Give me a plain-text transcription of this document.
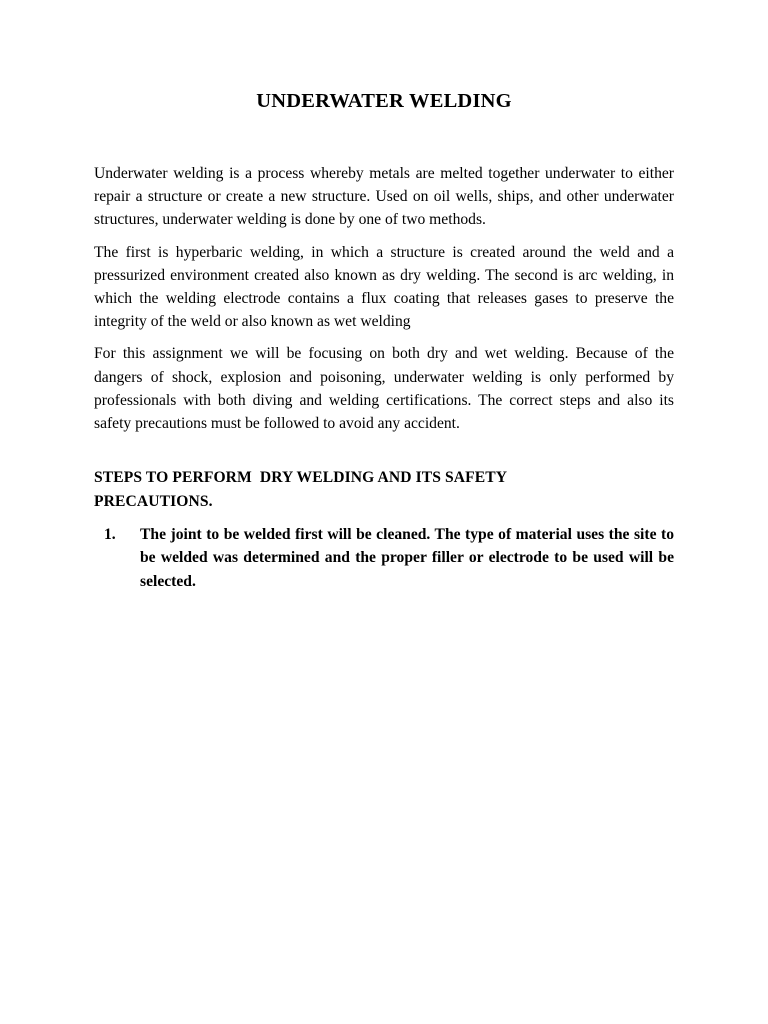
UNDERWATER WELDING

Underwater welding is a process whereby metals are melted together underwater to either repair a structure or create a new structure. Used on oil wells, ships, and other underwater structures, underwater welding is done by one of two methods.

The first is hyperbaric welding, in which a structure is created around the weld and a pressurized environment created also known as dry welding. The second is arc welding, in which the welding electrode contains a flux coating that releases gases to preserve the integrity of the weld or also known as wet welding

For this assignment we will be focusing on both dry and wet welding. Because of the dangers of shock, explosion and poisoning, underwater welding is only performed by professionals with both diving and welding certifications. The correct steps and also its safety precautions must be followed to avoid any accident.

STEPS TO PERFORM  DRY WELDING AND ITS SAFETY PRECAUTIONS.
1.	The joint to be welded first will be cleaned. The type of material uses the site to be welded was determined and the proper filler or electrode to be used will be selected.
